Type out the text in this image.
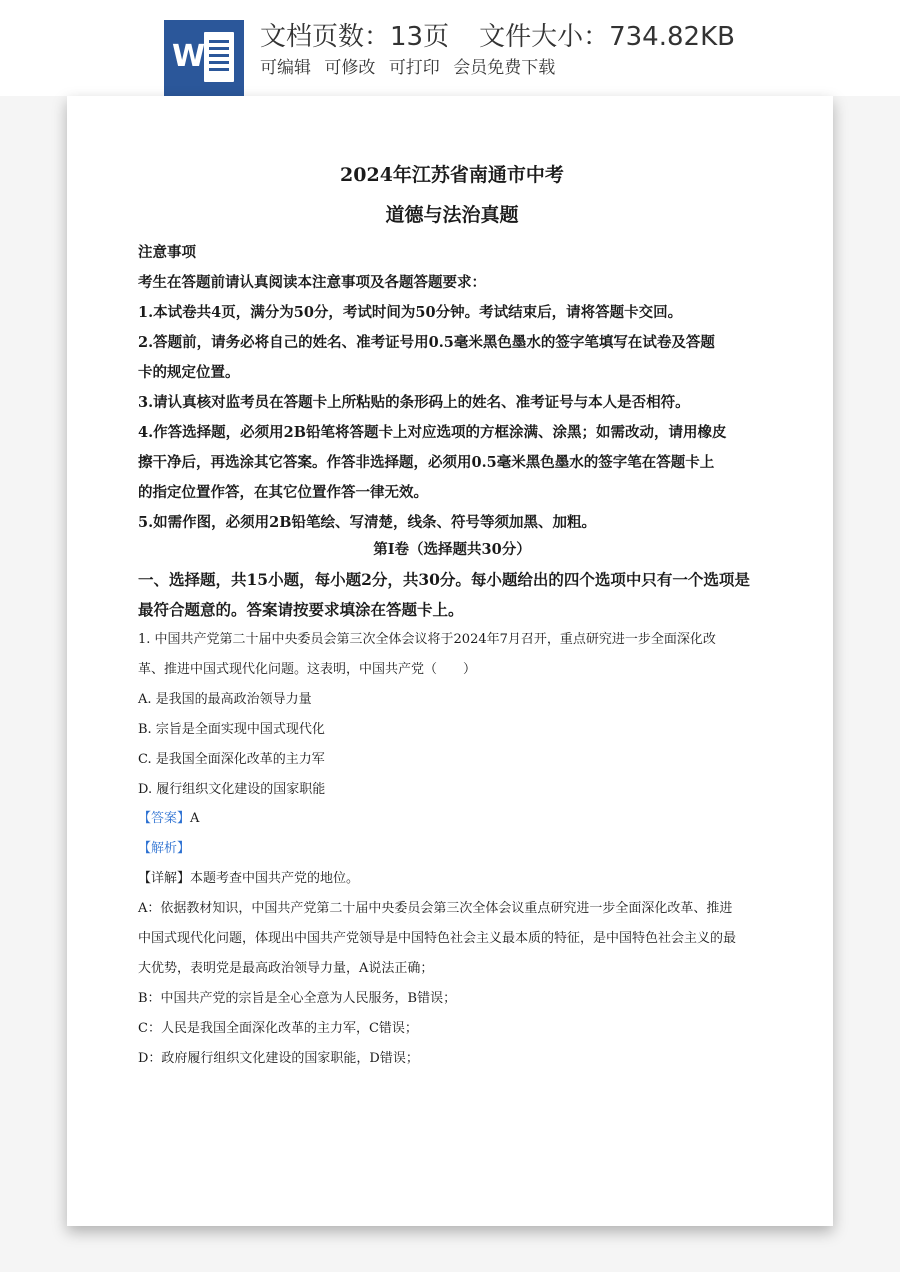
W
文档页数：13页 文件大小：734.82KB
可编辑 可修改 可打印 会员免费下载
2024年江苏省南通市中考
道德与法治真题

注意事项

考生在答题前请认真阅读本注意事项及各题答题要求：

1.本试卷共4页，满分为50分，考试时间为50分钟。考试结束后，请将答题卡交回。

2.答题前，请务必将自己的姓名、准考证号用0.5毫米黑色墨水的签字笔填写在试卷及答题

卡的规定位置。

3.请认真核对监考员在答题卡上所粘贴的条形码上的姓名、准考证号与本人是否相符。

4.作答选择题，必须用2B铅笔将答题卡上对应选项的方框涂满、涂黑；如需改动，请用橡皮

擦干净后，再选涂其它答案。作答非选择题，必须用0.5毫米黑色墨水的签字笔在答题卡上

的指定位置作答，在其它位置作答一律无效。

5.如需作图，必须用2B铅笔绘、写清楚，线条、符号等须加黑、加粗。

第Ⅰ卷（选择题共30分）

一、选择题，共15小题，每小题2分，共30分。每小题给出的四个选项中只有一个选项是

最符合题意的。答案请按要求填涂在答题卡上。

1. 中国共产党第二十届中央委员会第三次全体会议将于2024年7月召开，重点研究进一步全面深化改

革、推进中国式现代化问题。这表明，中国共产党（　　）

A. 是我国的最高政治领导力量

B. 宗旨是全面实现中国式现代化

C. 是我国全面深化改革的主力军

D. 履行组织文化建设的国家职能

【答案】A

【解析】

【详解】本题考查中国共产党的地位。

A：依据教材知识，中国共产党第二十届中央委员会第三次全体会议重点研究进一步全面深化改革、推进

中国式现代化问题，体现出中国共产党领导是中国特色社会主义最本质的特征，是中国特色社会主义的最

大优势，表明党是最高政治领导力量，A说法正确；

B：中国共产党的宗旨是全心全意为人民服务，B错误；

C：人民是我国全面深化改革的主力军，C错误；

D：政府履行组织文化建设的国家职能，D错误；
